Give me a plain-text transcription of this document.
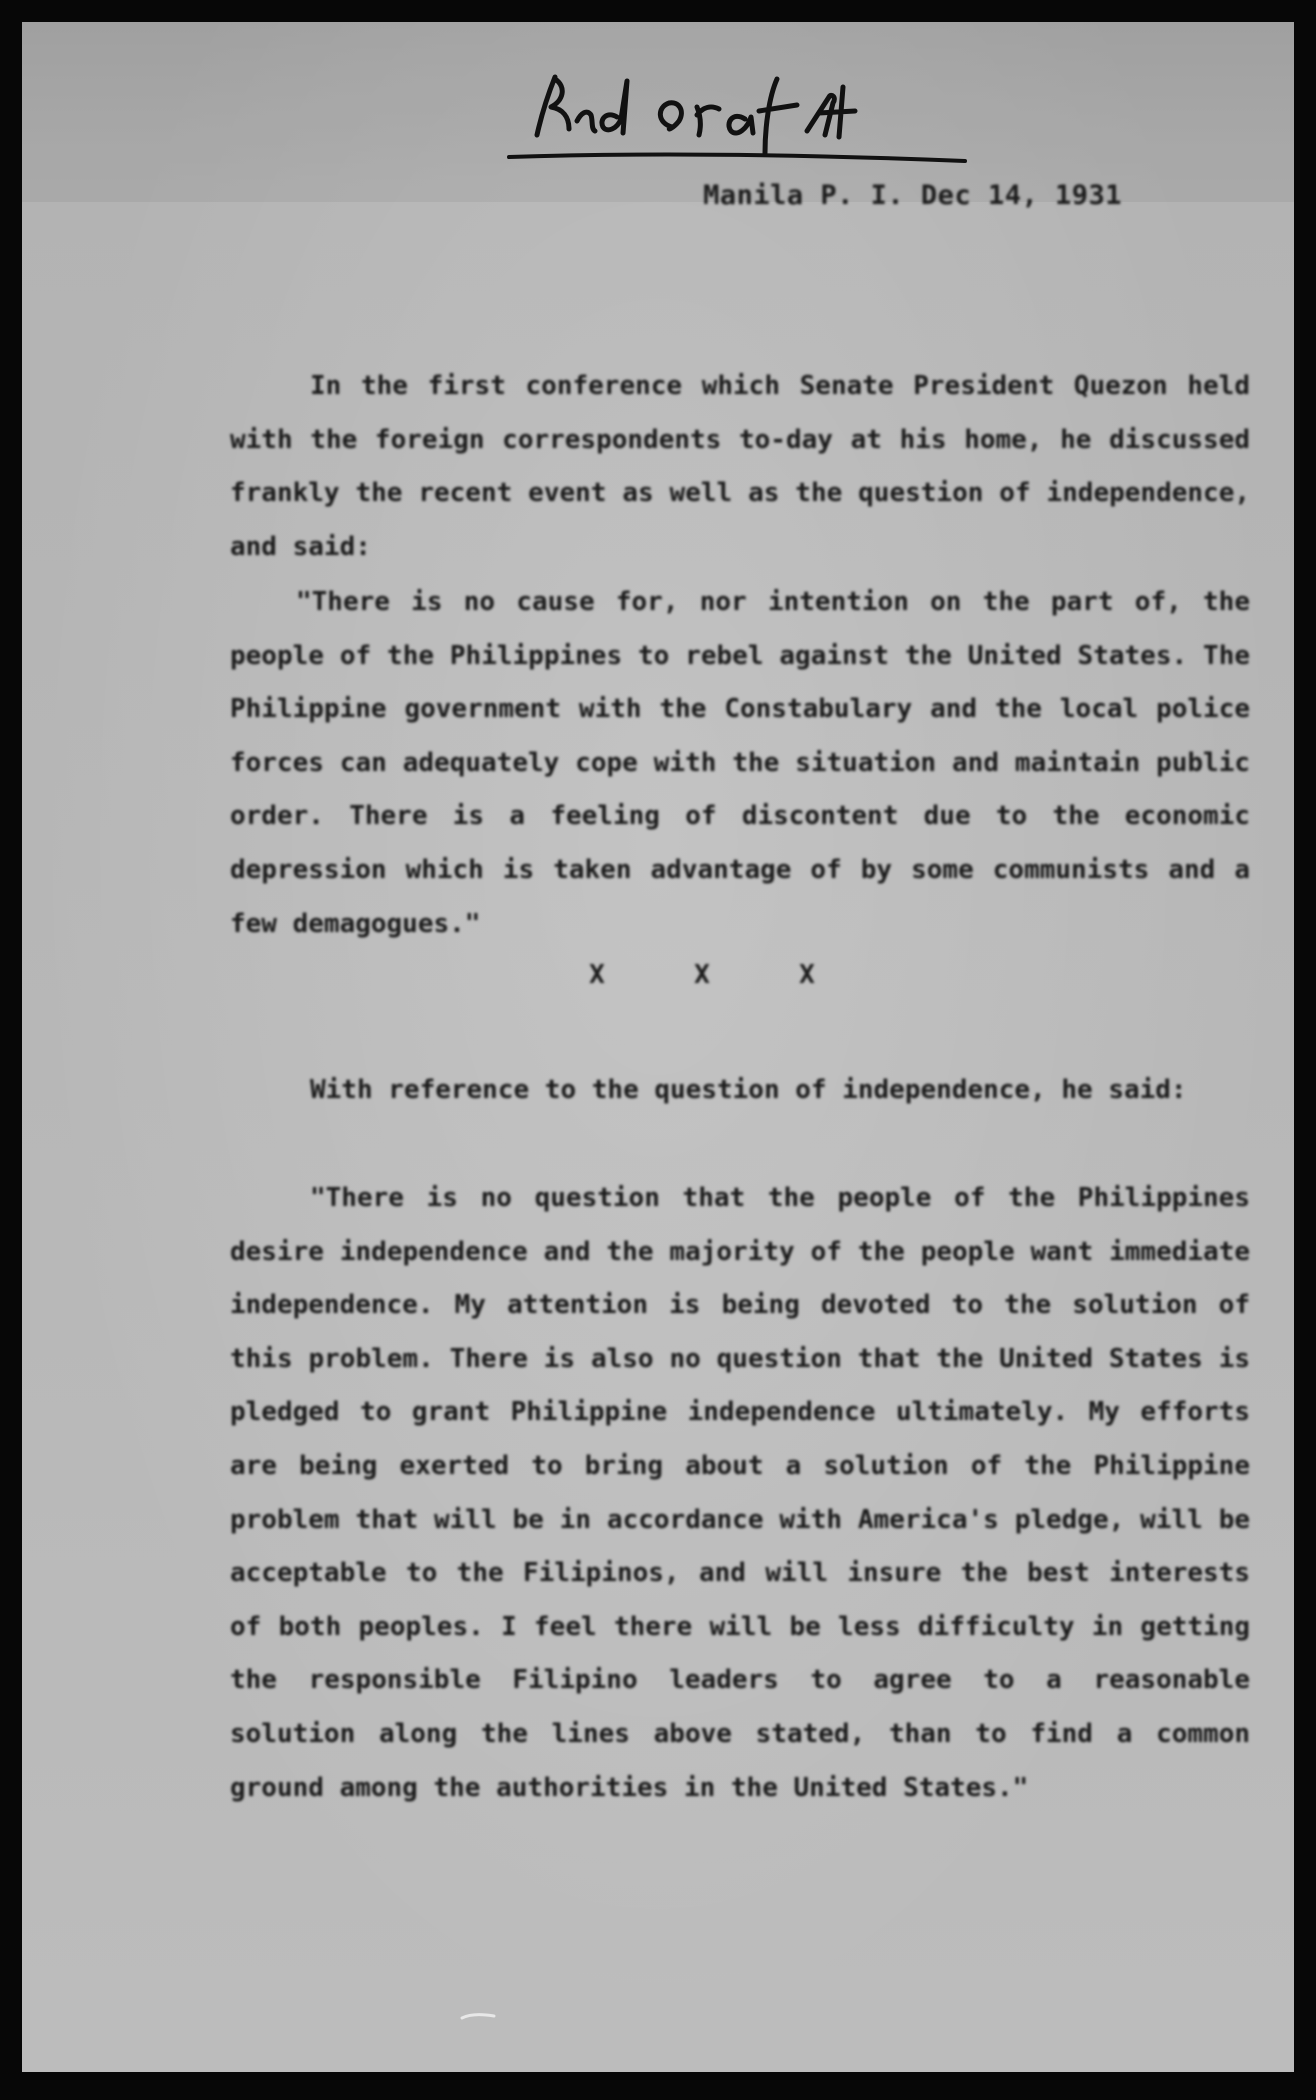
Manila P. I. Dec 14, 1931

In the first conference which Senate President Quezon held with the foreign correspondents to-day at his home, he discussed frankly the recent event as well as the question of independence, and said:

"There is no cause for, nor intention on the part of, the people of the Philippines to rebel against the United States. The Philippine government with the Constabulary and the local police forces can adequately cope with the situation and maintain public order. There is a feeling of discontent due to the economic depression which is taken advantage of by some communists and a few demagogues."

X	X	X

With reference to the question of independence, he said:

"There is no question that the people of the Philippines desire independence and the majority of the people want immediate independence. My attention is being devoted to the solution of this problem. There is also no question that the United States is pledged to grant Philippine independence ultimately. My efforts are being exerted to bring about a solution of the Philippine problem that will be in accordance with America's pledge, will be acceptable to the Filipinos, and will insure the best interests of both peoples. I feel there will be less difficulty in getting the responsible Filipino leaders to agree to a reasonable solution along the lines above stated, than to find a common ground among the authorities in the United States."
